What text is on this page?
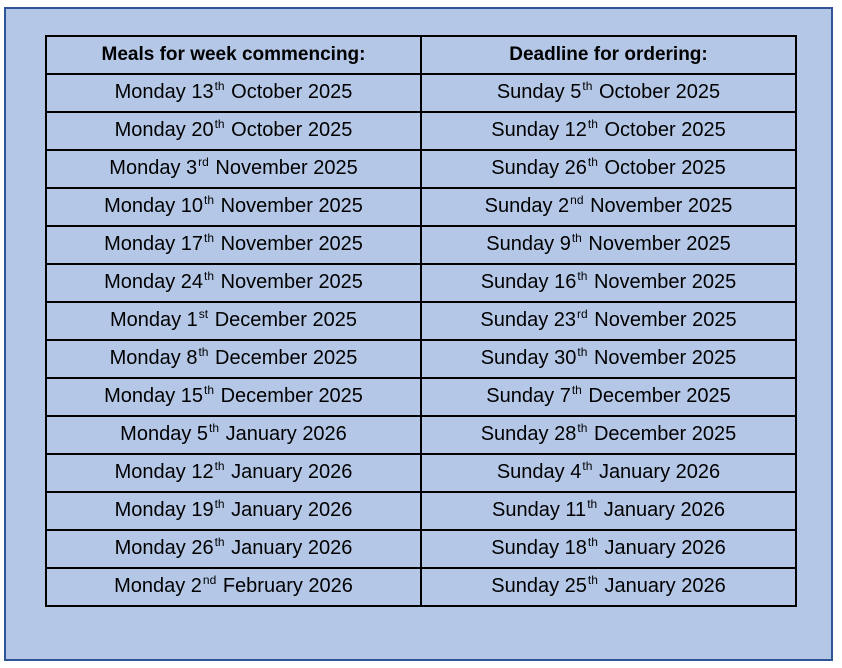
Meals for week commencing:	Deadline for ordering:
Monday 13th October 2025	Sunday 5th October 2025
Monday 20th October 2025	Sunday 12th October 2025
Monday 3rd November 2025	Sunday 26th October 2025
Monday 10th November 2025	Sunday 2nd November 2025
Monday 17th November 2025	Sunday 9th November 2025
Monday 24th November 2025	Sunday 16th November 2025
Monday 1st December 2025	Sunday 23rd November 2025
Monday 8th December 2025	Sunday 30th November 2025
Monday 15th December 2025	Sunday 7th December 2025
Monday 5th January 2026	Sunday 28th December 2025
Monday 12th January 2026	Sunday 4th January 2026
Monday 19th January 2026	Sunday 11th January 2026
Monday 26th January 2026	Sunday 18th January 2026
Monday 2nd February 2026	Sunday 25th January 2026
